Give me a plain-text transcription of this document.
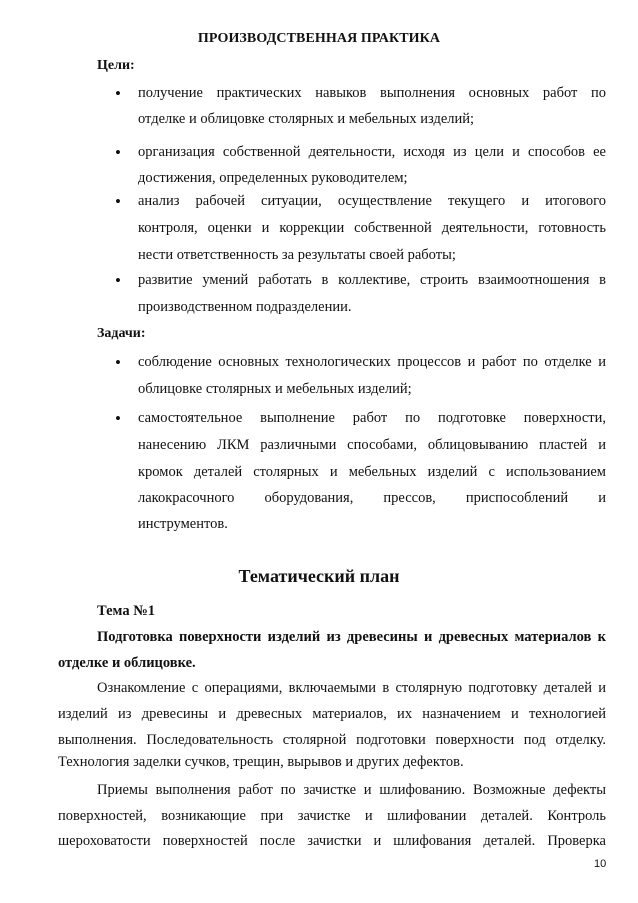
ПРОИЗВОДСТВЕННАЯ ПРАКТИКА
Цели:
• получение практических навыков выполнения основных работ по
отделке и облицовке столярных и мебельных изделий;
• организация собственной деятельности, исходя из цели и способов ее
достижения, определенных руководителем;
• анализ рабочей ситуации, осуществление текущего и итогового
контроля, оценки и коррекции собственной деятельности, готовность
нести ответственность за результаты своей работы;
• развитие умений работать в коллективе, строить взаимоотношения в
производственном подразделении.
Задачи:
• соблюдение основных технологических процессов и работ по отделке и
облицовке столярных и мебельных изделий;
• самостоятельное выполнение работ по подготовке поверхности,
нанесению ЛКМ различными способами, облицовыванию пластей и
кромок деталей столярных и мебельных изделий с использованием
лакокрасочного оборудования, прессов, приспособлений и
инструментов.
Тематический план
Тема №1
Подготовка поверхности изделий из древесины и древесных материалов к
отделке и облицовке.
Ознакомление с операциями, включаемыми в столярную подготовку деталей и
изделий из древесины и древесных материалов, их назначением и технологией
выполнения. Последовательность столярной подготовки поверхности под отделку.
Технология заделки сучков, трещин, вырывов и других дефектов.
Приемы выполнения работ по зачистке и шлифованию. Возможные дефекты
поверхностей, возникающие при зачистке и шлифовании деталей. Контроль
шероховатости поверхностей после зачистки и шлифования деталей. Проверка
10
